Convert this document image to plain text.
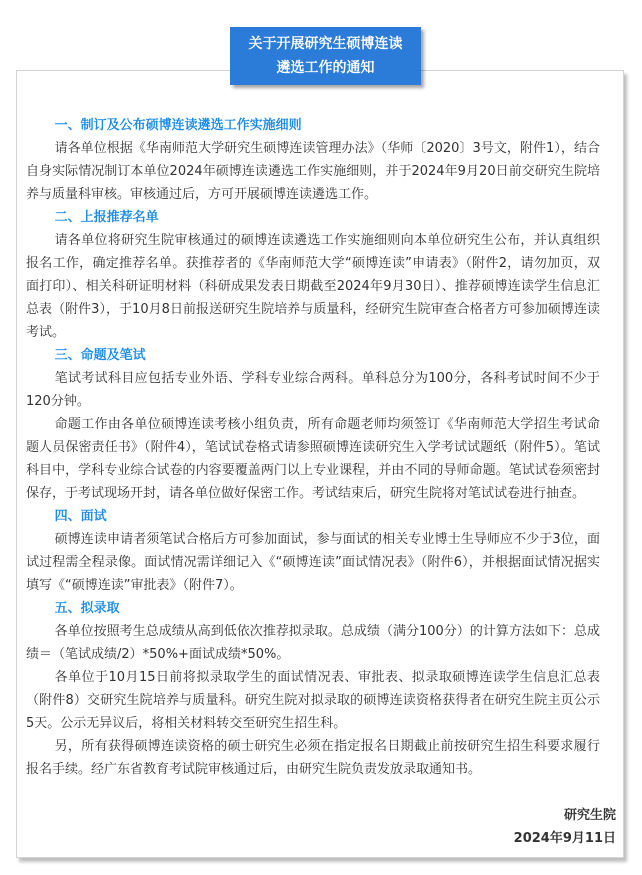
关于开展研究生硕博连读
遴选工作的通知

一、制订及公布硕博连读遴选工作实施细则

请各单位根据《华南师范大学研究生硕博连读管理办法》（华师〔2020〕3号文，附件1），结合自身实际情况制订本单位2024年硕博连读遴选工作实施细则，并于2024年9月20日前交研究生院培养与质量科审核。审核通过后，方可开展硕博连读遴选工作。

二、上报推荐名单

请各单位将研究生院审核通过的硕博连读遴选工作实施细则向本单位研究生公布，并认真组织报名工作，确定推荐名单。获推荐者的《华南师范大学“硕博连读”申请表》（附件2，请勿加页，双面打印）、相关科研证明材料（科研成果发表日期截至2024年9月30日）、推荐硕博连读学生信息汇总表（附件3），于10月8日前报送研究生院培养与质量科，经研究生院审查合格者方可参加硕博连读考试。

三、命题及笔试

笔试考试科目应包括专业外语、学科专业综合两科。单科总分为100分，各科考试时间不少于120分钟。

命题工作由各单位硕博连读考核小组负责，所有命题老师均须签订《华南师范大学招生考试命题人员保密责任书》（附件4），笔试试卷格式请参照硕博连读研究生入学考试试题纸（附件5）。笔试科目中，学科专业综合试卷的内容要覆盖两门以上专业课程，并由不同的导师命题。笔试试卷须密封保存，于考试现场开封，请各单位做好保密工作。考试结束后，研究生院将对笔试试卷进行抽查。

四、面试

硕博连读申请者须笔试合格后方可参加面试，参与面试的相关专业博士生导师应不少于3位，面试过程需全程录像。面试情况需详细记入《“硕博连读”面试情况表》（附件6），并根据面试情况据实填写《“硕博连读”审批表》（附件7）。

五、拟录取

各单位按照考生总成绩从高到低依次推荐拟录取。总成绩（满分100分）的计算方法如下：总成绩＝（笔试成绩/2）*50%+面试成绩*50%。

各单位于10月15日前将拟录取学生的面试情况表、审批表、拟录取硕博连读学生信息汇总表（附件8）交研究生院培养与质量科。研究生院对拟录取的硕博连读资格获得者在研究生院主页公示5天。公示无异议后，将相关材料转交至研究生招生科。

另，所有获得硕博连读资格的硕士研究生必须在指定报名日期截止前按研究生招生科要求履行报名手续。经广东省教育考试院审核通过后，由研究生院负责发放录取通知书。

研究生院
2024年9月11日
